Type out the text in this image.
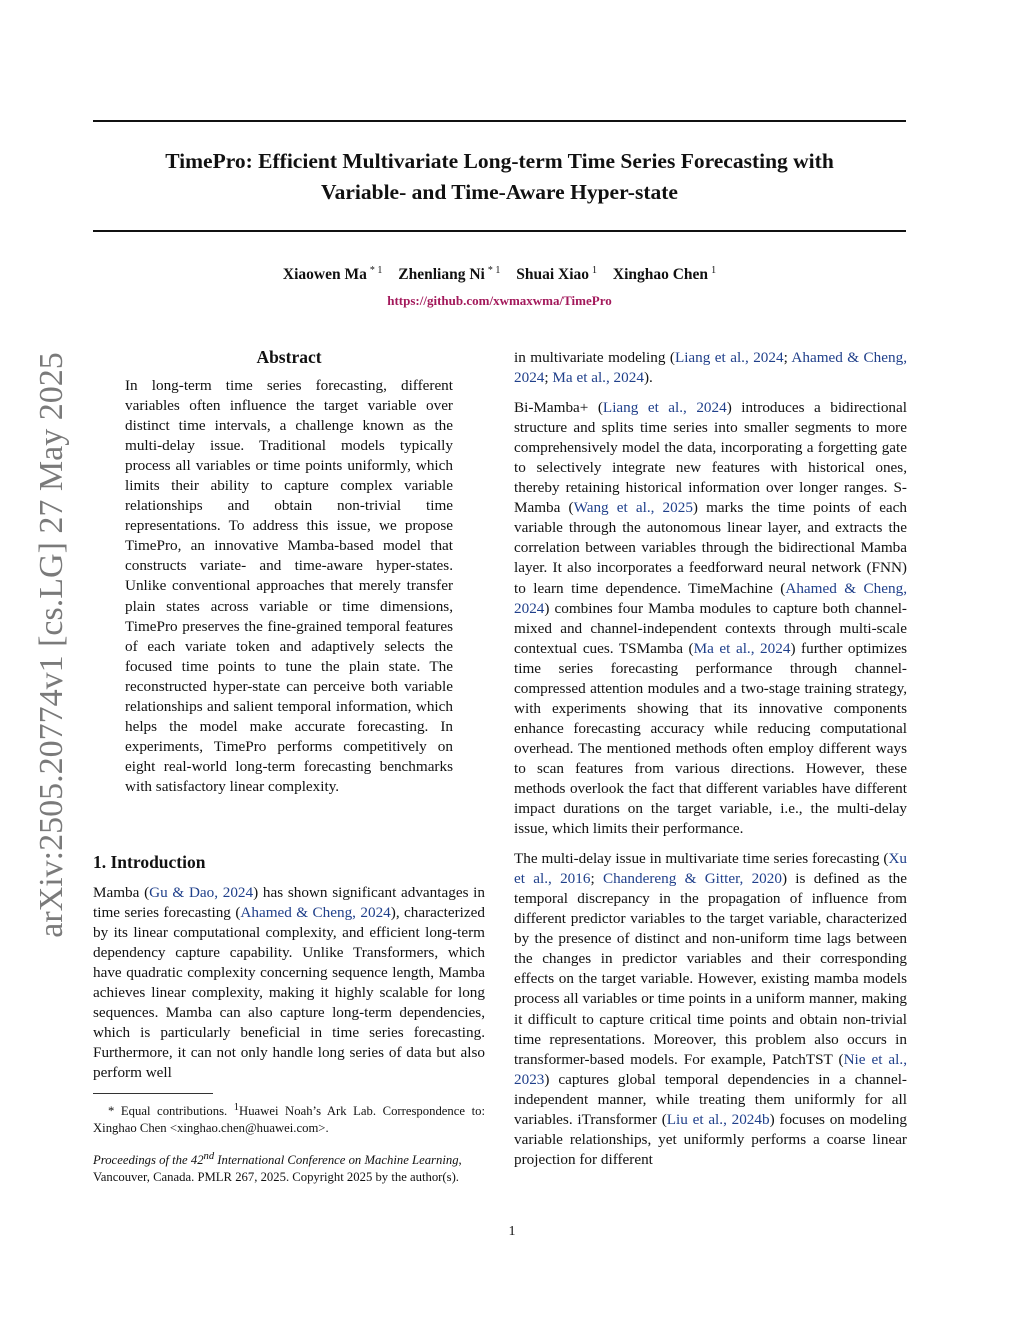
TimePro: Efficient Multivariate Long-term Time Series Forecasting with
Variable- and Time-Aware Hyper-state
Xiaowen Ma $^{* 1}$ Zhenliang Ni $^{* 1}$ Shuai Xiao $^1$ Xinghao Chen $^1$
https://github.com/xwmaxwma/TimePro
arXiv:2505.20774v1 [cs.LG] 27 May 2025	Abstract

In long-term time series forecasting, different variables often influence the target variable over distinct time intervals, a challenge known as the multi-delay issue. Traditional models typically process all variables or time points uniformly, which limits their ability to capture complex variable relationships and obtain non-trivial time representations. To address this issue, we propose TimePro, an innovative Mamba-based model that constructs variate- and time-aware hyper-states. Unlike conventional approaches that merely transfer plain states across variable or time dimensions, TimePro preserves the fine-grained temporal features of each variate token and adaptively selects the focused time points to tune the plain state. The reconstructed hyper-state can perceive both variable relationships and salient temporal information, which helps the model make accurate forecasting. In experiments, TimePro performs competitively on eight real-world long-term forecasting benchmarks with satisfactory linear complexity.

1. Introduction

Mamba (Gu & Dao, 2024) has shown significant advantages in time series forecasting (Ahamed & Cheng, 2024), characterized by its linear computational complexity, and efficient long-term dependency capture capability. Unlike Transformers, which have quadratic complexity concerning sequence length, Mamba achieves linear complexity, making it highly scalable for long sequences. Mamba can also capture long-term dependencies, which is particularly beneficial in time series forecasting. Furthermore, it can not only handle long series of data but also perform well

in multivariate modeling (Liang et al., 2024; Ahamed & Cheng, 2024; Ma et al., 2024).

Bi-Mamba+ (Liang et al., 2024) introduces a bidirectional structure and splits time series into smaller segments to more comprehensively model the data, incorporating a forgetting gate to selectively integrate new features with historical ones, thereby retaining historical information over longer ranges. S-Mamba (Wang et al., 2025) marks the time points of each variable through the autonomous linear layer, and extracts the correlation between variables through the bidirectional Mamba layer. It also incorporates a feedforward neural network (FNN) to learn time dependence. TimeMachine (Ahamed & Cheng, 2024) combines four Mamba modules to capture both channel-mixed and channel-independent contexts through multi-scale contextual cues. TSMamba (Ma et al., 2024) further optimizes time series forecasting performance through channel-compressed attention modules and a two-stage training strategy, with experiments showing that its innovative components enhance forecasting accuracy while reducing computational overhead. The mentioned methods often employ different ways to scan features from various directions. However, these methods overlook the fact that different variables have different impact durations on the target variable, i.e., the multi-delay issue, which limits their performance.

The multi-delay issue in multivariate time series forecasting (Xu et al., 2016; Chandereng & Gitter, 2020) is defined as the temporal discrepancy in the propagation of influence from different predictor variables to the target variable, characterized by the presence of distinct and non-uniform time lags between the changes in predictor variables and their corresponding effects on the target variable. However, existing mamba models process all variables or time points in a uniform manner, making it difficult to capture critical time points and obtain non-trivial time representations. Moreover, this problem also occurs in transformer-based models. For example, PatchTST (Nie et al., 2023) captures global temporal dependencies in a channel-independent manner, while treating them uniformly for all variables. iTransformer (Liu et al., 2024b) focuses on modeling variable relationships, yet uniformly performs a coarse linear projection for different

* Equal contributions. $^1$Huawei Noah’s Ark Lab. Correspondence to: Xinghao Chen <xinghao.chen@huawei.com>.
Proceedings of the 42nd International Conference on Machine Learning, Vancouver, Canada. PMLR 267, 2025. Copyright 2025 by the author(s).
1
